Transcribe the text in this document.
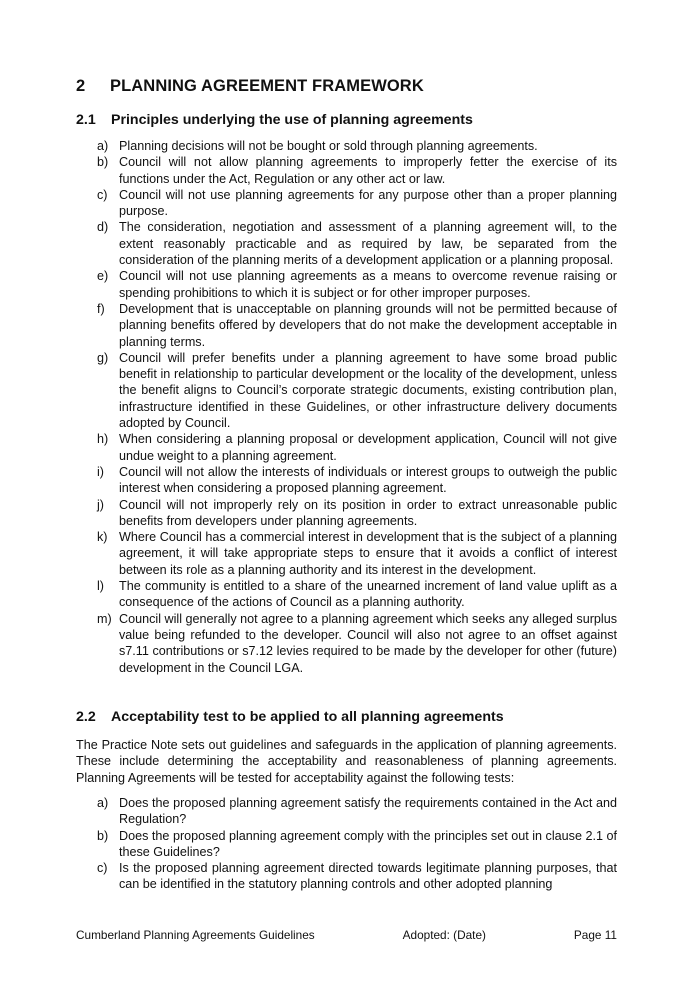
2 PLANNING AGREEMENT FRAMEWORK
2.1 Principles underlying the use of planning agreements
a) Planning decisions will not be bought or sold through planning agreements.
b) Council will not allow planning agreements to improperly fetter the exercise of its functions under the Act, Regulation or any other act or law.
c) Council will not use planning agreements for any purpose other than a proper planning purpose.
d) The consideration, negotiation and assessment of a planning agreement will, to the extent reasonably practicable and as required by law, be separated from the consideration of the planning merits of a development application or a planning proposal.
e) Council will not use planning agreements as a means to overcome revenue raising or spending prohibitions to which it is subject or for other improper purposes.
f) Development that is unacceptable on planning grounds will not be permitted because of planning benefits offered by developers that do not make the development acceptable in planning terms.
g) Council will prefer benefits under a planning agreement to have some broad public benefit in relationship to particular development or the locality of the development, unless the benefit aligns to Council’s corporate strategic documents, existing contribution plan, infrastructure identified in these Guidelines, or other infrastructure delivery documents adopted by Council.
h) When considering a planning proposal or development application, Council will not give undue weight to a planning agreement.
i) Council will not allow the interests of individuals or interest groups to outweigh the public interest when considering a proposed planning agreement.
j) Council will not improperly rely on its position in order to extract unreasonable public benefits from developers under planning agreements.
k) Where Council has a commercial interest in development that is the subject of a planning agreement, it will take appropriate steps to ensure that it avoids a conflict of interest between its role as a planning authority and its interest in the development.
l) The community is entitled to a share of the unearned increment of land value uplift as a consequence of the actions of Council as a planning authority.
m) Council will generally not agree to a planning agreement which seeks any alleged surplus value being refunded to the developer. Council will also not agree to an offset against s7.11 contributions or s7.12 levies required to be made by the developer for other (future) development in the Council LGA.
2.2 Acceptability test to be applied to all planning agreements

The Practice Note sets out guidelines and safeguards in the application of planning agreements. These include determining the acceptability and reasonableness of planning agreements. Planning Agreements will be tested for acceptability against the following tests:

a) Does the proposed planning agreement satisfy the requirements contained in the Act and Regulation?
b) Does the proposed planning agreement comply with the principles set out in clause 2.1 of these Guidelines?
c) Is the proposed planning agreement directed towards legitimate planning purposes, that can be identified in the statutory planning controls and other adopted planning
Cumberland Planning Agreements Guidelines	Adopted: (Date)	Page 11
